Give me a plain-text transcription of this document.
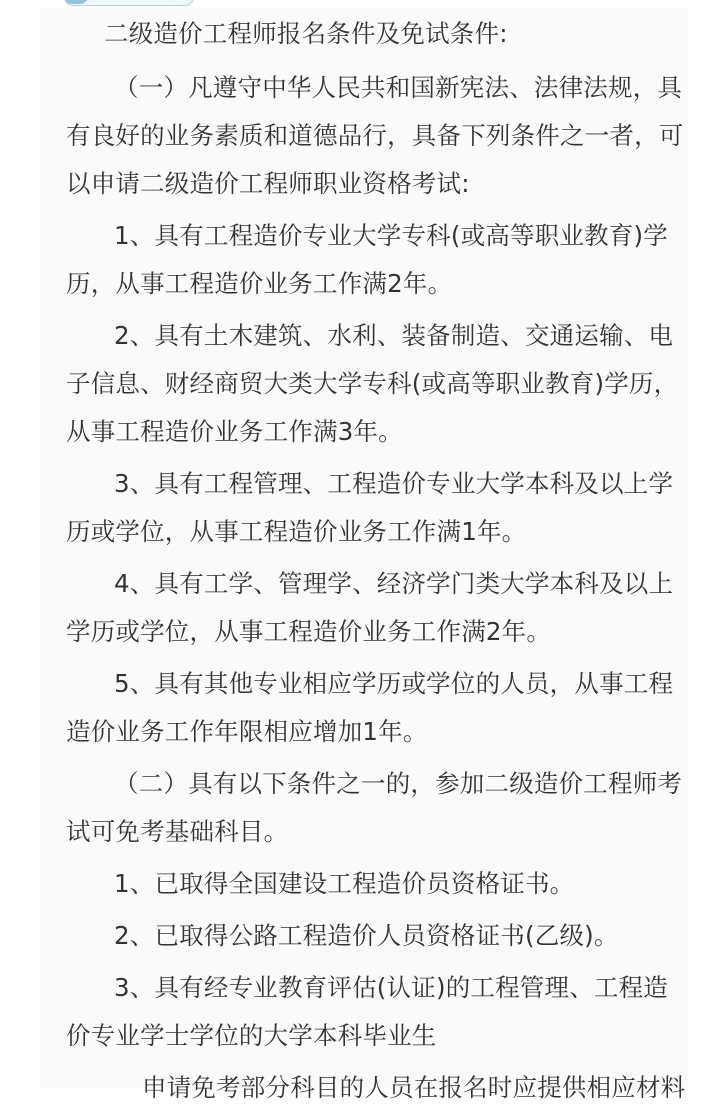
二级造价工程师报名条件及免试条件:

（一）凡遵守中华人民共和国新宪法、法律法规，具有良好的业务素质和道德品行，具备下列条件之一者，可以申请二级造价工程师职业资格考试:

1、具有工程造价专业大学专科(或高等职业教育)学历，从事工程造价业务工作满2年。

2、具有土木建筑、水利、装备制造、交通运输、电子信息、财经商贸大类大学专科(或高等职业教育)学历，从事工程造价业务工作满3年。

3、具有工程管理、工程造价专业大学本科及以上学历或学位，从事工程造价业务工作满1年。

4、具有工学、管理学、经济学门类大学本科及以上学历或学位，从事工程造价业务工作满2年。

5、具有其他专业相应学历或学位的人员，从事工程造价业务工作年限相应增加1年。

（二）具有以下条件之一的，参加二级造价工程师考试可免考基础科目。

1、已取得全国建设工程造价员资格证书。

2、已取得公路工程造价人员资格证书(乙级)。

3、具有经专业教育评估(认证)的工程管理、工程造价专业学士学位的大学本科毕业生

申请免考部分科目的人员在报名时应提供相应材料
